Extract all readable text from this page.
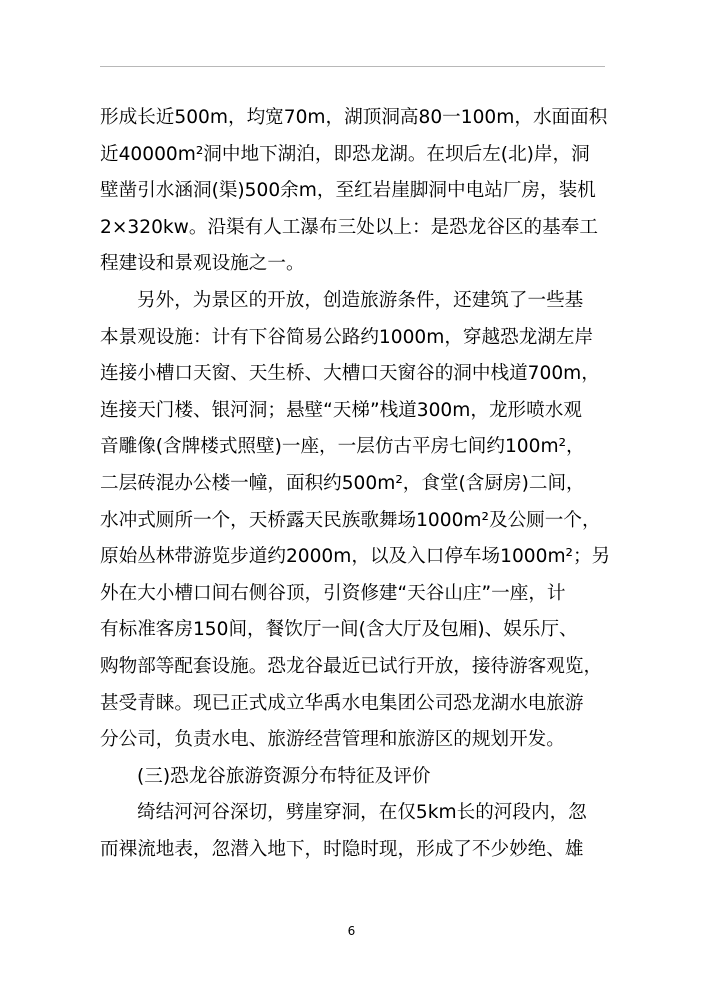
形成长近500m，均宽70m，湖顶洞高80一100m，水面面积
近40000m²洞中地下湖泊，即恐龙湖。在坝后左(北)岸，洞
壁凿引水涵洞(渠)500余m，至红岩崖脚洞中电站厂房，装机
2×320kw。沿渠有人工瀑布三处以上：是恐龙谷区的基奉工
程建设和景观设施之一。
另外，为景区的开放，创造旅游条件，还建筑了一些基
本景观设施：计有下谷简易公路约1000m，穿越恐龙湖左岸
连接小槽口天窗、天生桥、大槽口天窗谷的洞中栈道700m，
连接天门楼、银河洞；悬壁“天梯”栈道300m，龙形喷水观
音雕像(含牌楼式照壁)一座，一层仿古平房七间约100m²，
二层砖混办公楼一幢，面积约500m²，食堂(含厨房)二间，
水冲式厕所一个，天桥露天民族歌舞场1000m²及公厕一个，
原始丛林带游览步道约2000m，以及入口停车场1000m²；另
外在大小槽口间右侧谷顶，引资修建“天谷山庄”一座，计
有标准客房150间，餐饮厅一间(含大厅及包厢)、娱乐厅、
购物部等配套设施。恐龙谷最近已试行开放，接待游客观览，
甚受青睐。现已正式成立华禹水电集团公司恐龙湖水电旅游
分公司，负责水电、旅游经营管理和旅游区的规划开发。
(三)恐龙谷旅游资源分布特征及评价
绮结河河谷深切，劈崖穿洞，在仅5km长的河段内，忽
而裸流地表，忽潜入地下，时隐时现，形成了不少妙绝、雄
6
